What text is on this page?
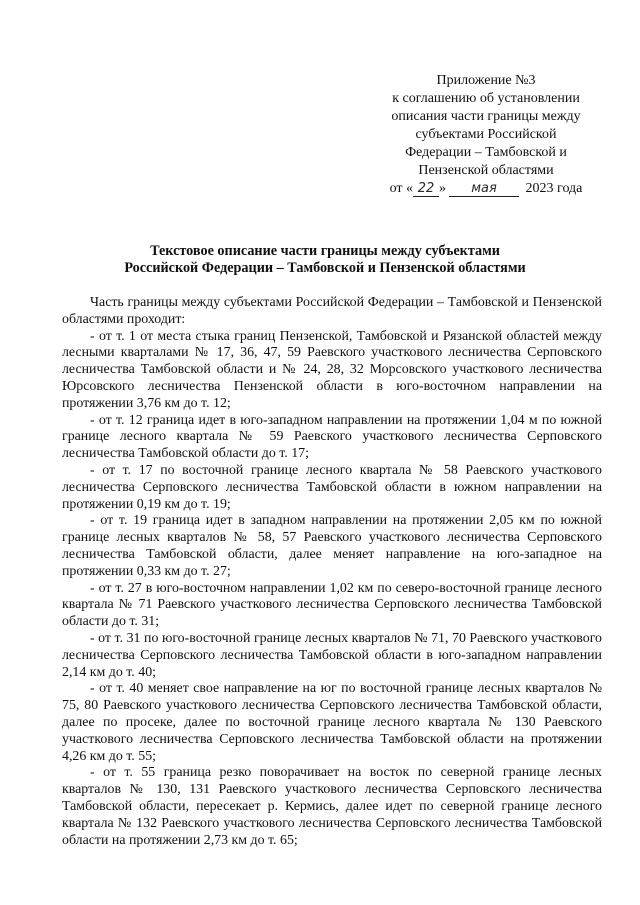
Приложение №3
к соглашению об установлении
описания части границы между
субъектами Российской
Федерации – Тамбовской и
Пензенской областями
от « 22 » мая 2023 года
Текстовое описание части границы между субъектами
Российской Федерации – Тамбовской и Пензенской областями

Часть границы между субъектами Российской Федерации – Тамбовской и Пензенской областями проходит:

- от т. 1 от места стыка границ Пензенской, Тамбовской и Рязанской областей между лесными кварталами № 17, 36, 47, 59 Раевского участкового лесничества Серповского лесничества Тамбовской области и № 24, 28, 32 Морсовского участкового лесничества Юрсовского лесничества Пензенской области в юго-восточном направлении на протяжении 3,76 км до т. 12;

- от т. 12 граница идет в юго-западном направлении на протяжении 1,04 м по южной границе лесного квартала № 59 Раевского участкового лесничества Серповского лесничества Тамбовской области до т. 17;

- от т. 17 по восточной границе лесного квартала № 58 Раевского участкового лесничества Серповского лесничества Тамбовской области в южном направлении на протяжении 0,19 км до т. 19;

- от т. 19 граница идет в западном направлении на протяжении 2,05 км по южной границе лесных кварталов № 58, 57 Раевского участкового лесничества Серповского лесничества Тамбовской области, далее меняет направление на юго-западное на протяжении 0,33 км до т. 27;

- от т. 27 в юго-восточном направлении 1,02 км по северо-восточной границе лесного квартала № 71 Раевского участкового лесничества Серповского лесничества Тамбовской области до т. 31;

- от т. 31 по юго-восточной границе лесных кварталов № 71, 70 Раевского участкового лесничества Серповского лесничества Тамбовской области в юго-западном направлении 2,14 км до т. 40;

- от т. 40 меняет свое направление на юг по восточной границе лесных кварталов № 75, 80 Раевского участкового лесничества Серповского лесничества Тамбовской области, далее по просеке, далее по восточной границе лесного квартала № 130 Раевского участкового лесничества Серповского лесничества Тамбовской области на протяжении 4,26 км до т. 55;

- от т. 55 граница резко поворачивает на восток по северной границе лесных кварталов № 130, 131 Раевского участкового лесничества Серповского лесничества Тамбовской области, пересекает р. Кермись, далее идет по северной границе лесного квартала № 132 Раевского участкового лесничества Серповского лесничества Тамбовской области на протяжении 2,73 км до т. 65;
